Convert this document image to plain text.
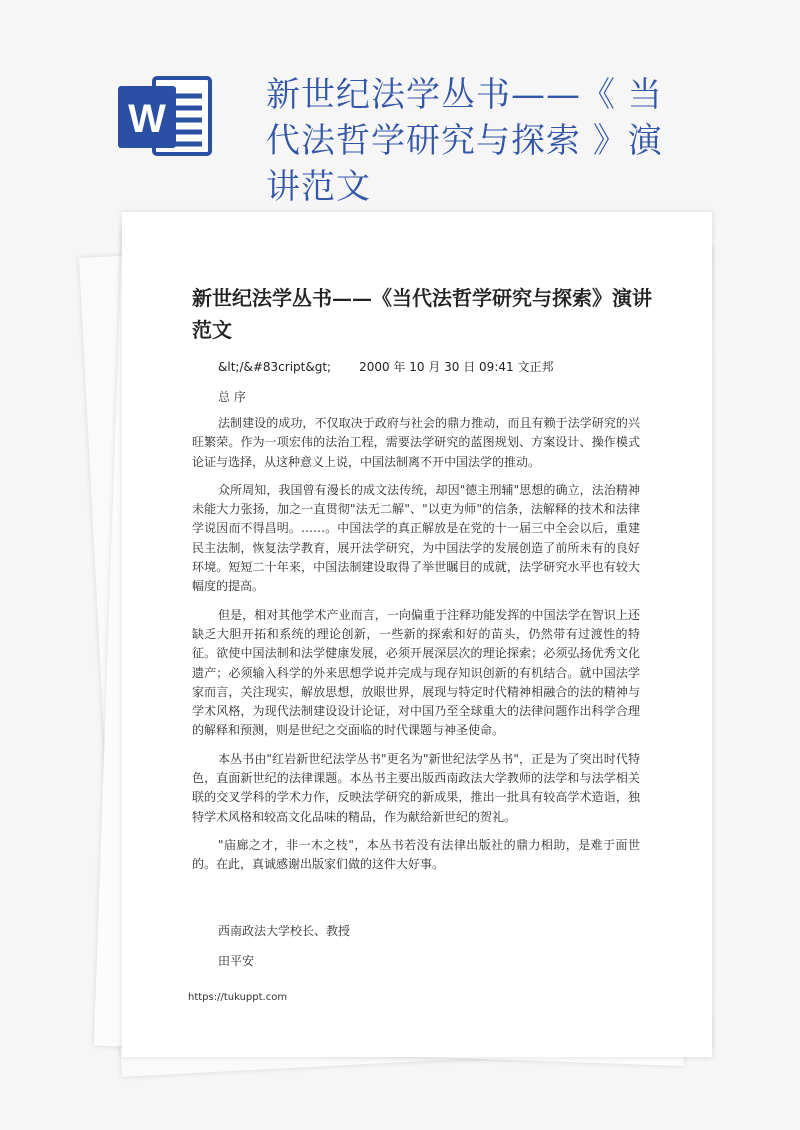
W
新世纪法学丛书——《 当代法哲学研究与探索 》演讲范文
新世纪法学丛书——《当代法哲学研究与探索》演讲范文
&lt;/&#83cript&gt; 2000 年 10 月 30 日 09:41 文正邦
总 序

法制建设的成功，不仅取决于政府与社会的鼎力推动，而且有赖于法学研究的兴旺繁荣。作为一项宏伟的法治工程，需要法学研究的蓝图规划、方案设计、操作模式论证与选择，从这种意义上说，中国法制离不开中国法学的推动。

众所周知，我国曾有漫长的成文法传统，却因"德主刑辅"思想的确立，法治精神未能大力张扬，加之一直贯彻"法无二解"、"以吏为师"的信条，法解释的技术和法律学说因而不得昌明。……。中国法学的真正解放是在党的十一届三中全会以后，重建民主法制，恢复法学教育，展开法学研究，为中国法学的发展创造了前所未有的良好环境。短短二十年来，中国法制建设取得了举世瞩目的成就，法学研究水平也有较大幅度的提高。

但是，相对其他学术产业而言，一向偏重于注释功能发挥的中国法学在智识上还缺乏大胆开拓和系统的理论创新，一些新的探索和好的苗头，仍然带有过渡性的特征。欲使中国法制和法学健康发展，必须开展深层次的理论探索；必须弘扬优秀文化遗产；必须输入科学的外来思想学说并完成与现存知识创新的有机结合。就中国法学家而言，关注现实，解放思想，放眼世界，展现与特定时代精神相融合的法的精神与学术风格，为现代法制建设设计论证，对中国乃至全球重大的法律问题作出科学合理的解释和预测，则是世纪之交面临的时代课题与神圣使命。

本丛书由"红岩新世纪法学丛书"更名为"新世纪法学丛书"，正是为了突出时代特色，直面新世纪的法律课题。本丛书主要出版西南政法大学教师的法学和与法学相关联的交叉学科的学术力作，反映法学研究的新成果，推出一批具有较高学术造诣，独特学术风格和较高文化品味的精品，作为献给新世纪的贺礼。

"庙廊之才，非一木之枝"，本丛书若没有法律出版社的鼎力相助，是难于面世的。在此，真诚感谢出版家们做的这件大好事。

西南政法大学校长、教授
田平安
https://tukuppt.com
